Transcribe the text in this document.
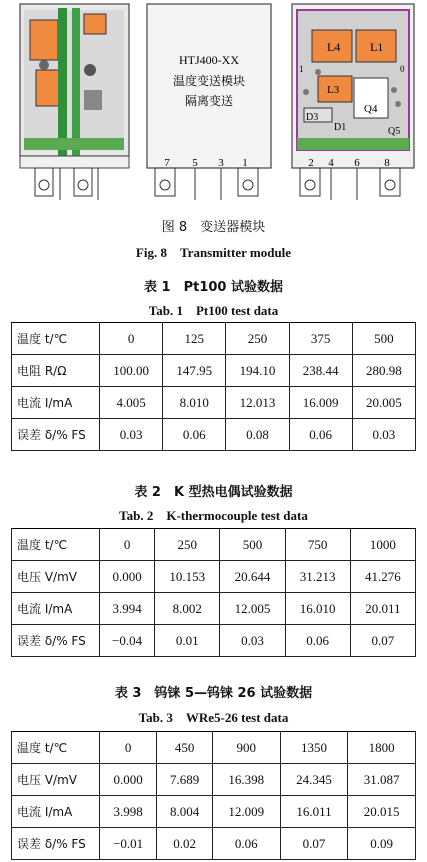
HTJ400-XX
温度变送模块
隔离变送
7 5 3 1
L4 L1
1	0
L3
Q4
D3
D1	Q5
2 4 6 8
图 8　变送器模块
Fig. 8　Transmitter module
表 1　Pt100 试验数据
Tab. 1　Pt100 test data
温度 t/℃	0	125	250	375	500
电阻 R/Ω	100.00	147.95	194.10	238.44	280.98
电流 I/mA	4.005	8.010	12.013	16.009	20.005
误差 δ/% FS	0.03	0.06	0.08	0.06	0.03
表 2　K 型热电偶试验数据
Tab. 2　K-thermocouple test data
温度 t/℃	0	250	500	750	1000
电压 V/mV	0.000	10.153	20.644	31.213	41.276
电流 I/mA	3.994	8.002	12.005	16.010	20.011
误差 δ/% FS	−0.04	0.01	0.03	0.06	0.07
表 3　钨铼 5—钨铼 26 试验数据
Tab. 3　WRe5-26 test data
温度 t/℃	0	450	900	1350	1800
电压 V/mV	0.000	7.689	16.398	24.345	31.087
电流 I/mA	3.998	8.004	12.009	16.011	20.015
误差 δ/% FS	−0.01	0.02	0.06	0.07	0.09
